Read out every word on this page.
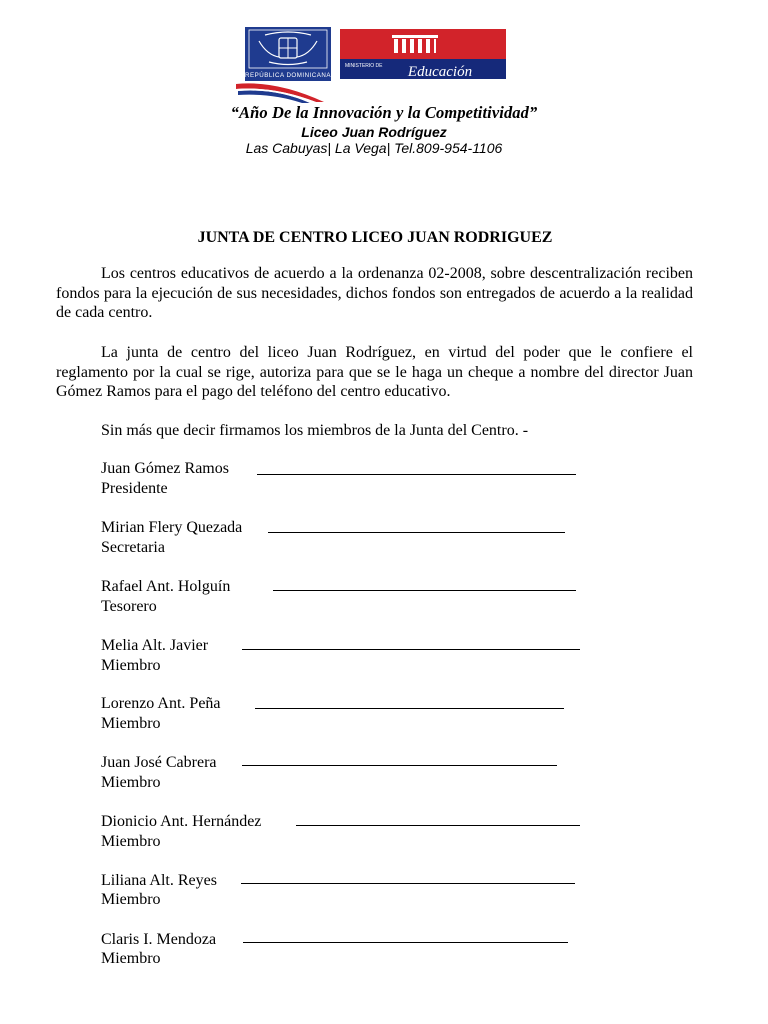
REPÚBLICA DOMINICANA
MINISTERIO DE Educación
“Año De la Innovación y la Competitividad”
Liceo Juan Rodríguez
Las Cabuyas| La Vega| Tel.809-954-1106
JUNTA DE CENTRO LICEO JUAN RODRIGUEZ

Los centros educativos de acuerdo a la ordenanza 02-2008, sobre descentralización reciben fondos para la ejecución de sus necesidades, dichos fondos son entregados de acuerdo a la realidad de cada centro.

La junta de centro del liceo Juan Rodríguez, en virtud del poder que le confiere el reglamento por la cual se rige, autoriza para que se le haga un cheque a nombre del director Juan Gómez Ramos para el pago del teléfono del centro educativo.

Sin más que decir firmamos los miembros de la Junta del Centro. -

Juan Gómez Ramos
Presidente
Mirian Flery Quezada
Secretaria
Rafael Ant. Holguín
Tesorero
Melia Alt. Javier
Miembro
Lorenzo Ant. Peña
Miembro
Juan José Cabrera
Miembro
Dionicio Ant. Hernández
Miembro
Liliana Alt. Reyes
Miembro
Claris I. Mendoza
Miembro
